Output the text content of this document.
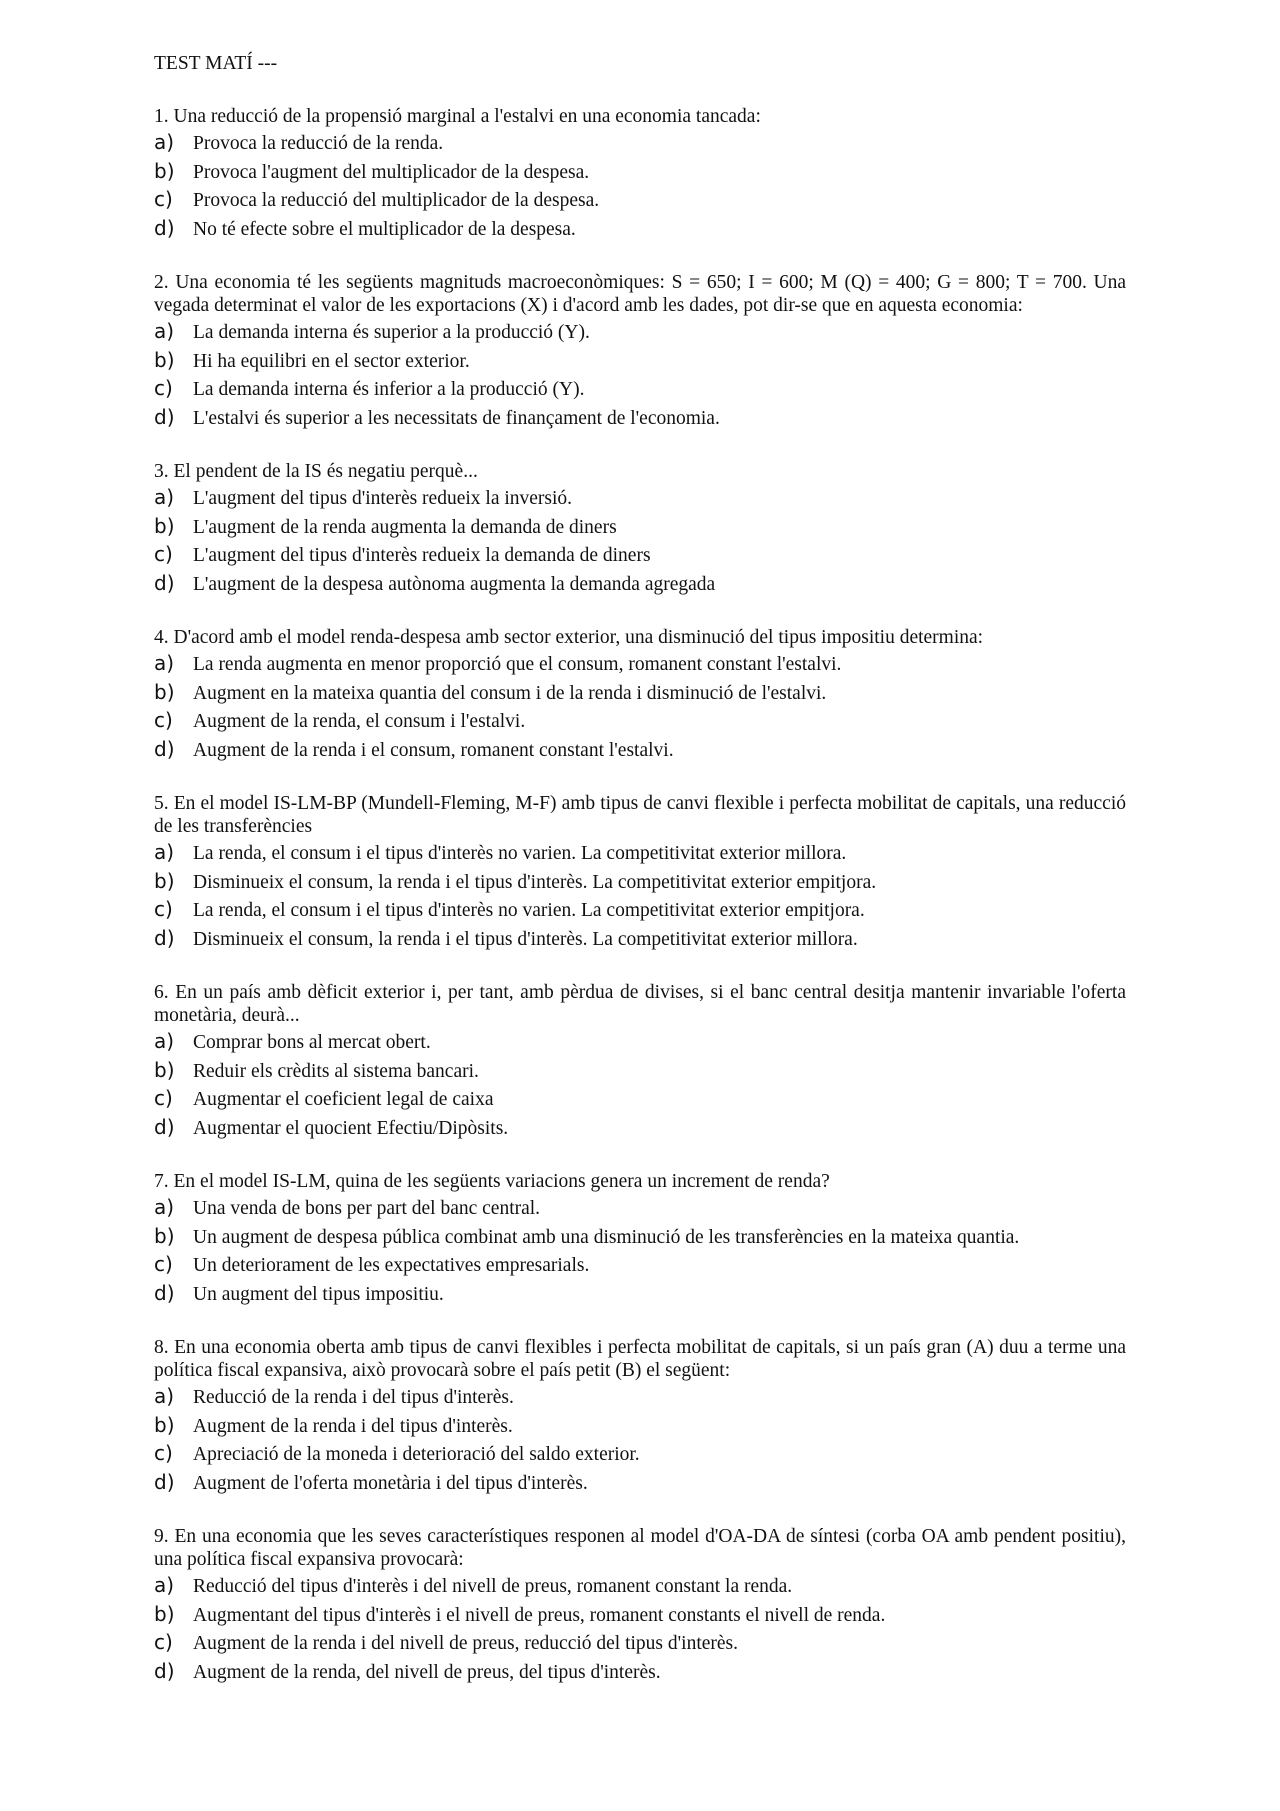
TEST MATÍ ---

1. Una reducció de la propensió marginal a l'estalvi en una economia tancada:

a) Provoca la reducció de la renda.
b) Provoca l'augment del multiplicador de la despesa.
c)	Provoca la reducció del multiplicador de la despesa.
d) No té efecte sobre el multiplicador de la despesa.

2. Una economia té les següents magnituds macroeconòmiques: S = 650; I = 600; M (Q) = 400; G = 800; T = 700. Una vegada determinat el valor de les exportacions (X) i d'acord amb les dades, pot dir-se que en aquesta economia:

a) La demanda interna és superior a la producció (Y).
b) Hi ha equilibri en el sector exterior.
c)	La demanda interna és inferior a la producció (Y).
d) L'estalvi és superior a les necessitats de finançament de l'economia.

3. El pendent de la IS és negatiu perquè...

a) L'augment del tipus d'interès redueix la inversió.
b) L'augment de la renda augmenta la demanda de diners
c)	L'augment del tipus d'interès redueix la demanda de diners
d) L'augment de la despesa autònoma augmenta la demanda agregada

4. D'acord amb el model renda-despesa amb sector exterior, una disminució del tipus impositiu determina:

a) La renda augmenta en menor proporció que el consum, romanent constant l'estalvi.
b) Augment en la mateixa quantia del consum i de la renda i disminució de l'estalvi.
c)	Augment de la renda, el consum i l'estalvi.
d) Augment de la renda i el consum, romanent constant l'estalvi.

5. En el model IS-LM-BP (Mundell-Fleming, M-F) amb tipus de canvi flexible i perfecta mobilitat de capitals, una reducció de les transferències

a) La renda, el consum i el tipus d'interès no varien. La competitivitat exterior millora.
b) Disminueix el consum, la renda i el tipus d'interès. La competitivitat exterior empitjora.
c)	La renda, el consum i el tipus d'interès no varien. La competitivitat exterior empitjora.
d) Disminueix el consum, la renda i el tipus d'interès. La competitivitat exterior millora.

6. En un país amb dèficit exterior i, per tant, amb pèrdua de divises, si el banc central desitja mantenir invariable l'oferta monetària, deurà...

a) Comprar bons al mercat obert.
b) Reduir els crèdits al sistema bancari.
c)	Augmentar el coeficient legal de caixa
d) Augmentar el quocient Efectiu/Dipòsits.

7. En el model IS-LM, quina de les següents variacions genera un increment de renda?

a) Una venda de bons per part del banc central.
b) Un augment de despesa pública combinat amb una disminució de les transferències en la mateixa quantia.
c)	Un deteriorament de les expectatives empresarials.
d) Un augment del tipus impositiu.

8. En una economia oberta amb tipus de canvi flexibles i perfecta mobilitat de capitals, si un país gran (A) duu a terme una política fiscal expansiva, això provocarà sobre el país petit (B) el següent:

a) Reducció de la renda i del tipus d'interès.
b) Augment de la renda i del tipus d'interès.
c)	Apreciació de la moneda i deterioració del saldo exterior.
d) Augment de l'oferta monetària i del tipus d'interès.

9. En una economia que les seves característiques responen al model d'OA-DA de síntesi (corba OA amb pendent positiu), una política fiscal expansiva provocarà:

a) Reducció del tipus d'interès i del nivell de preus, romanent constant la renda.
b) Augmentant del tipus d'interès i el nivell de preus, romanent constants el nivell de renda.
c)	Augment de la renda i del nivell de preus, reducció del tipus d'interès.
d) Augment de la renda, del nivell de preus, del tipus d'interès.
